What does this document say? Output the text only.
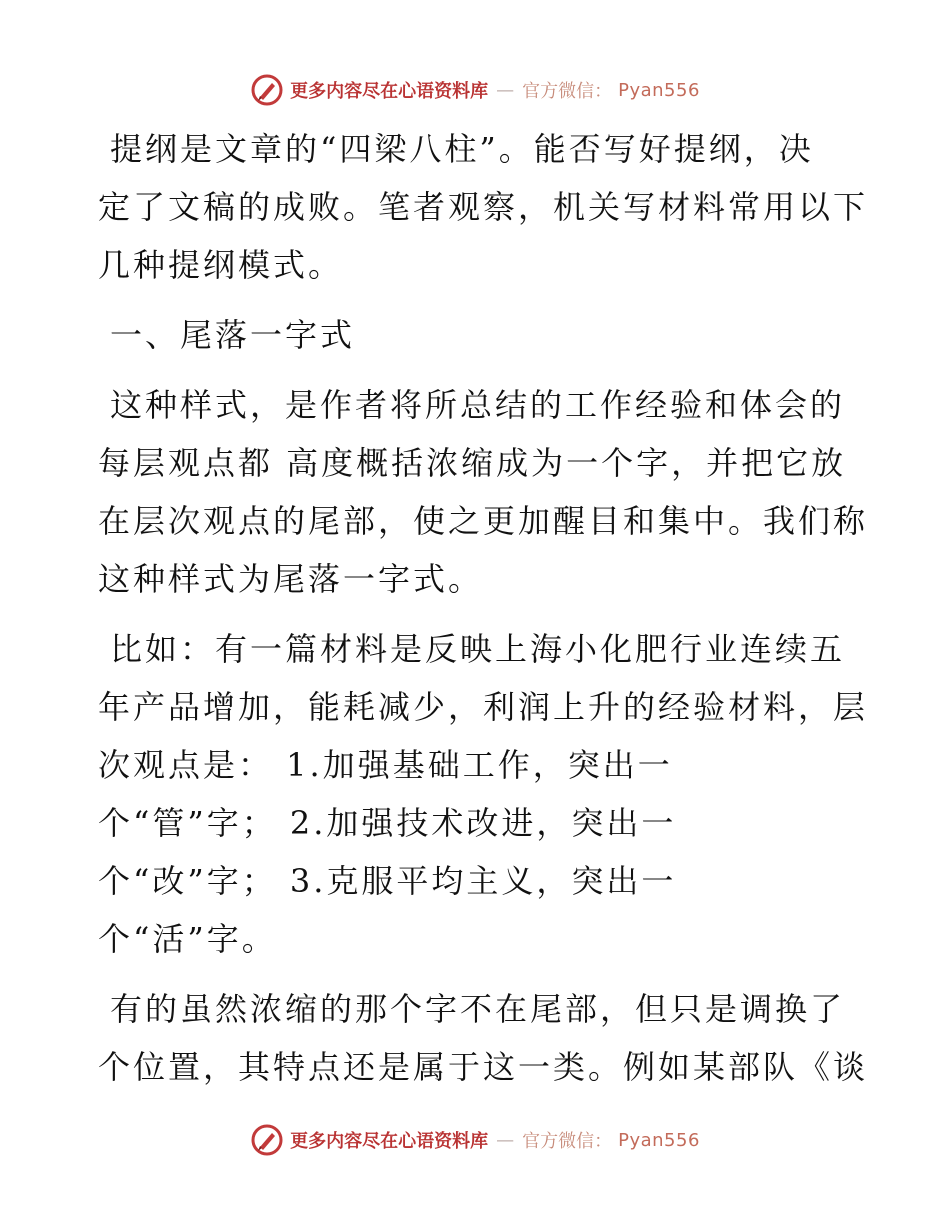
更多内容尽在心语资料库 — 官方微信： Pyan556

提纲是文章的“四梁八柱”。能否写好提纲，决
定了文稿的成败。笔者观察，机关写材料常用以下
几种提纲模式。

一、尾落一字式

这种样式，是作者将所总结的工作经验和体会的
每层观点都 高度概括浓缩成为一个字，并把它放
在层次观点的尾部，使之更加醒目和集中。我们称
这种样式为尾落一字式。

比如：有一篇材料是反映上海小化肥行业连续五
年产品增加，能耗减少，利润上升的经验材料，层
次观点是： 1.加强基础工作，突出一
个“管”字； 2.加强技术改进，突出一
个“改”字； 3.克服平均主义，突出一
个“活”字。

有的虽然浓缩的那个字不在尾部，但只是调换了
个位置，其特点还是属于这一类。例如某部队《谈

更多内容尽在心语资料库 — 官方微信： Pyan556
